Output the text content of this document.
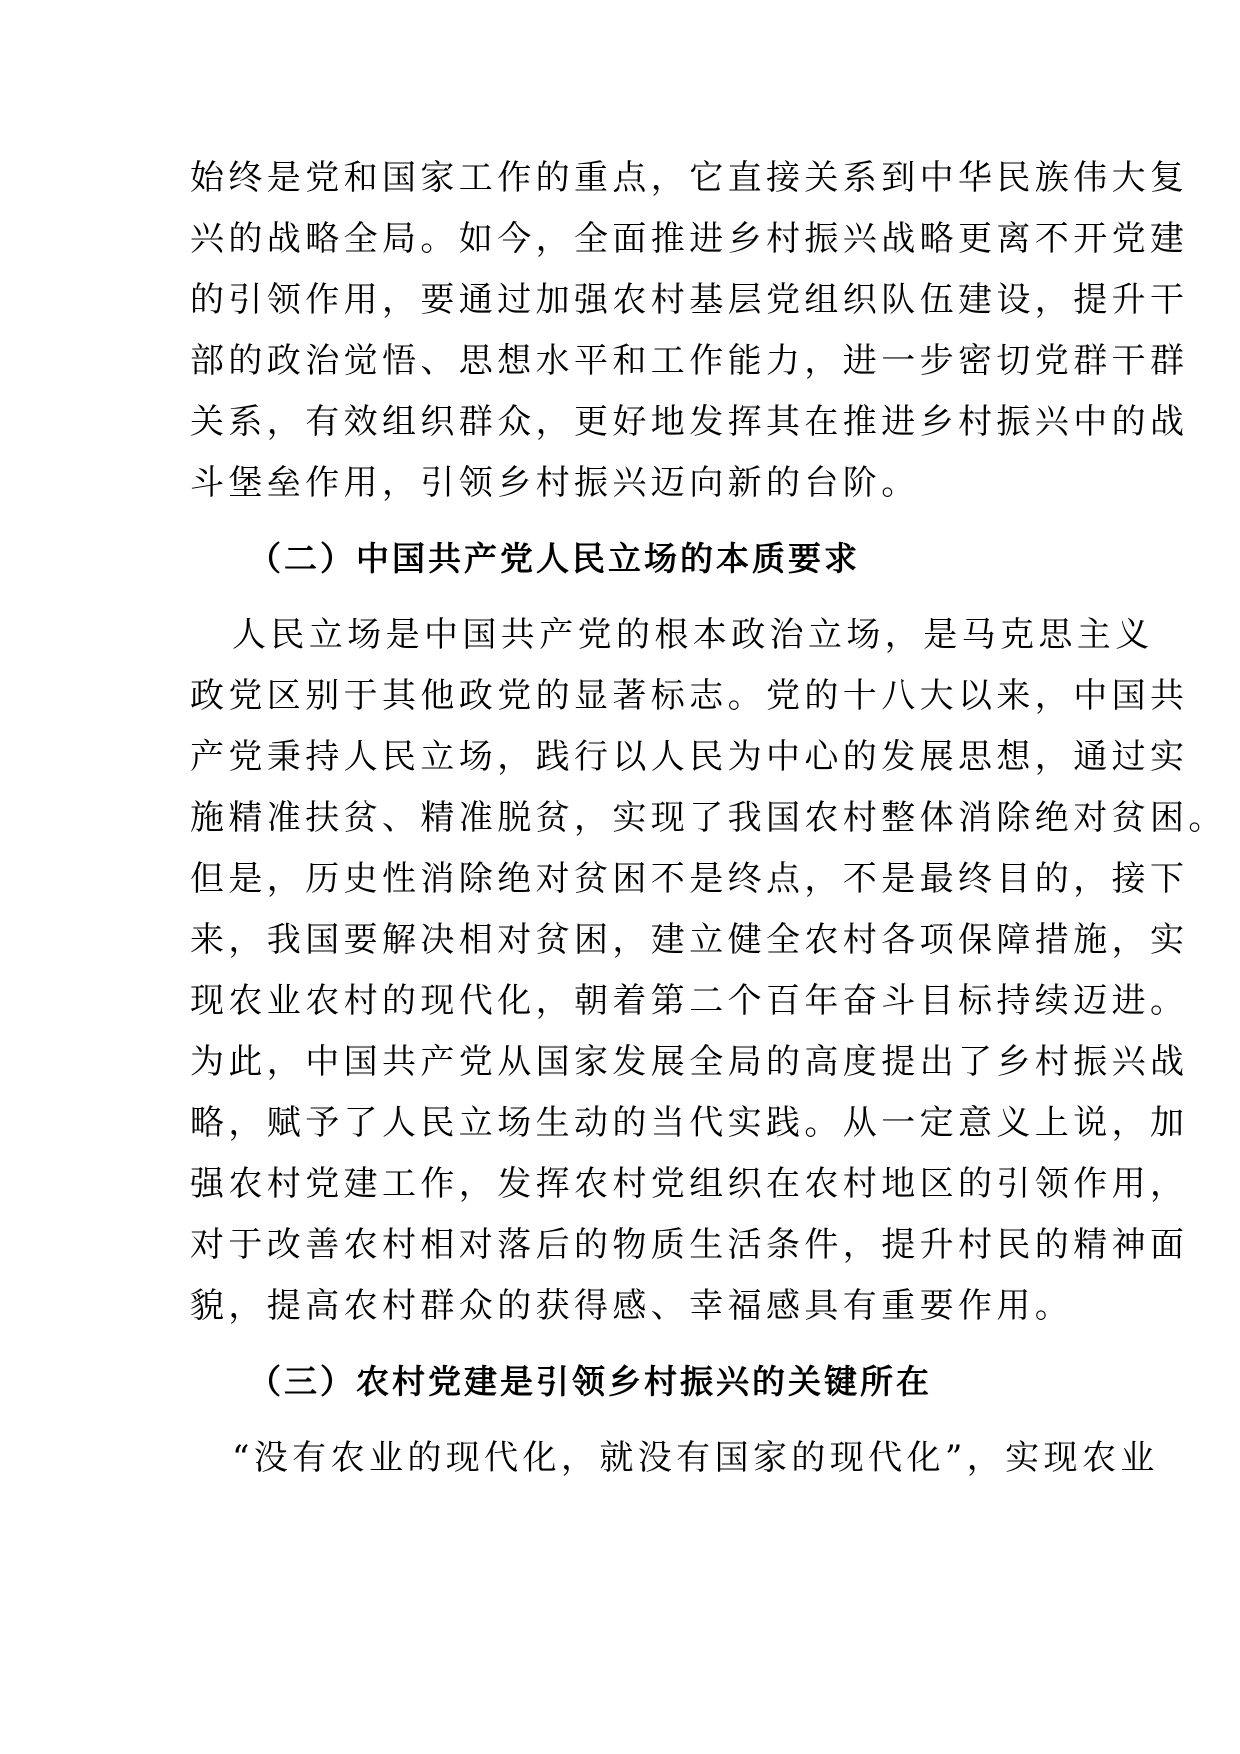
始终是党和国家工作的重点，它直接关系到中华民族伟大复
兴的战略全局。如今，全面推进乡村振兴战略更离不开党建
的引领作用，要通过加强农村基层党组织队伍建设，提升干
部的政治觉悟、思想水平和工作能力，进一步密切党群干群
关系，有效组织群众，更好地发挥其在推进乡村振兴中的战
斗堡垒作用，引领乡村振兴迈向新的台阶。
（二）中国共产党人民立场的本质要求
人民立场是中国共产党的根本政治立场，是马克思主义
政党区别于其他政党的显著标志。党的十八大以来，中国共
产党秉持人民立场，践行以人民为中心的发展思想，通过实
施精准扶贫、精准脱贫，实现了我国农村整体消除绝对贫困。
但是，历史性消除绝对贫困不是终点，不是最终目的，接下
来，我国要解决相对贫困，建立健全农村各项保障措施，实
现农业农村的现代化，朝着第二个百年奋斗目标持续迈进。
为此，中国共产党从国家发展全局的高度提出了乡村振兴战
略，赋予了人民立场生动的当代实践。从一定意义上说，加
强农村党建工作，发挥农村党组织在农村地区的引领作用，
对于改善农村相对落后的物质生活条件，提升村民的精神面
貌，提高农村群众的获得感、幸福感具有重要作用。
（三）农村党建是引领乡村振兴的关键所在
“没有农业的现代化，就没有国家的现代化”，实现农业
